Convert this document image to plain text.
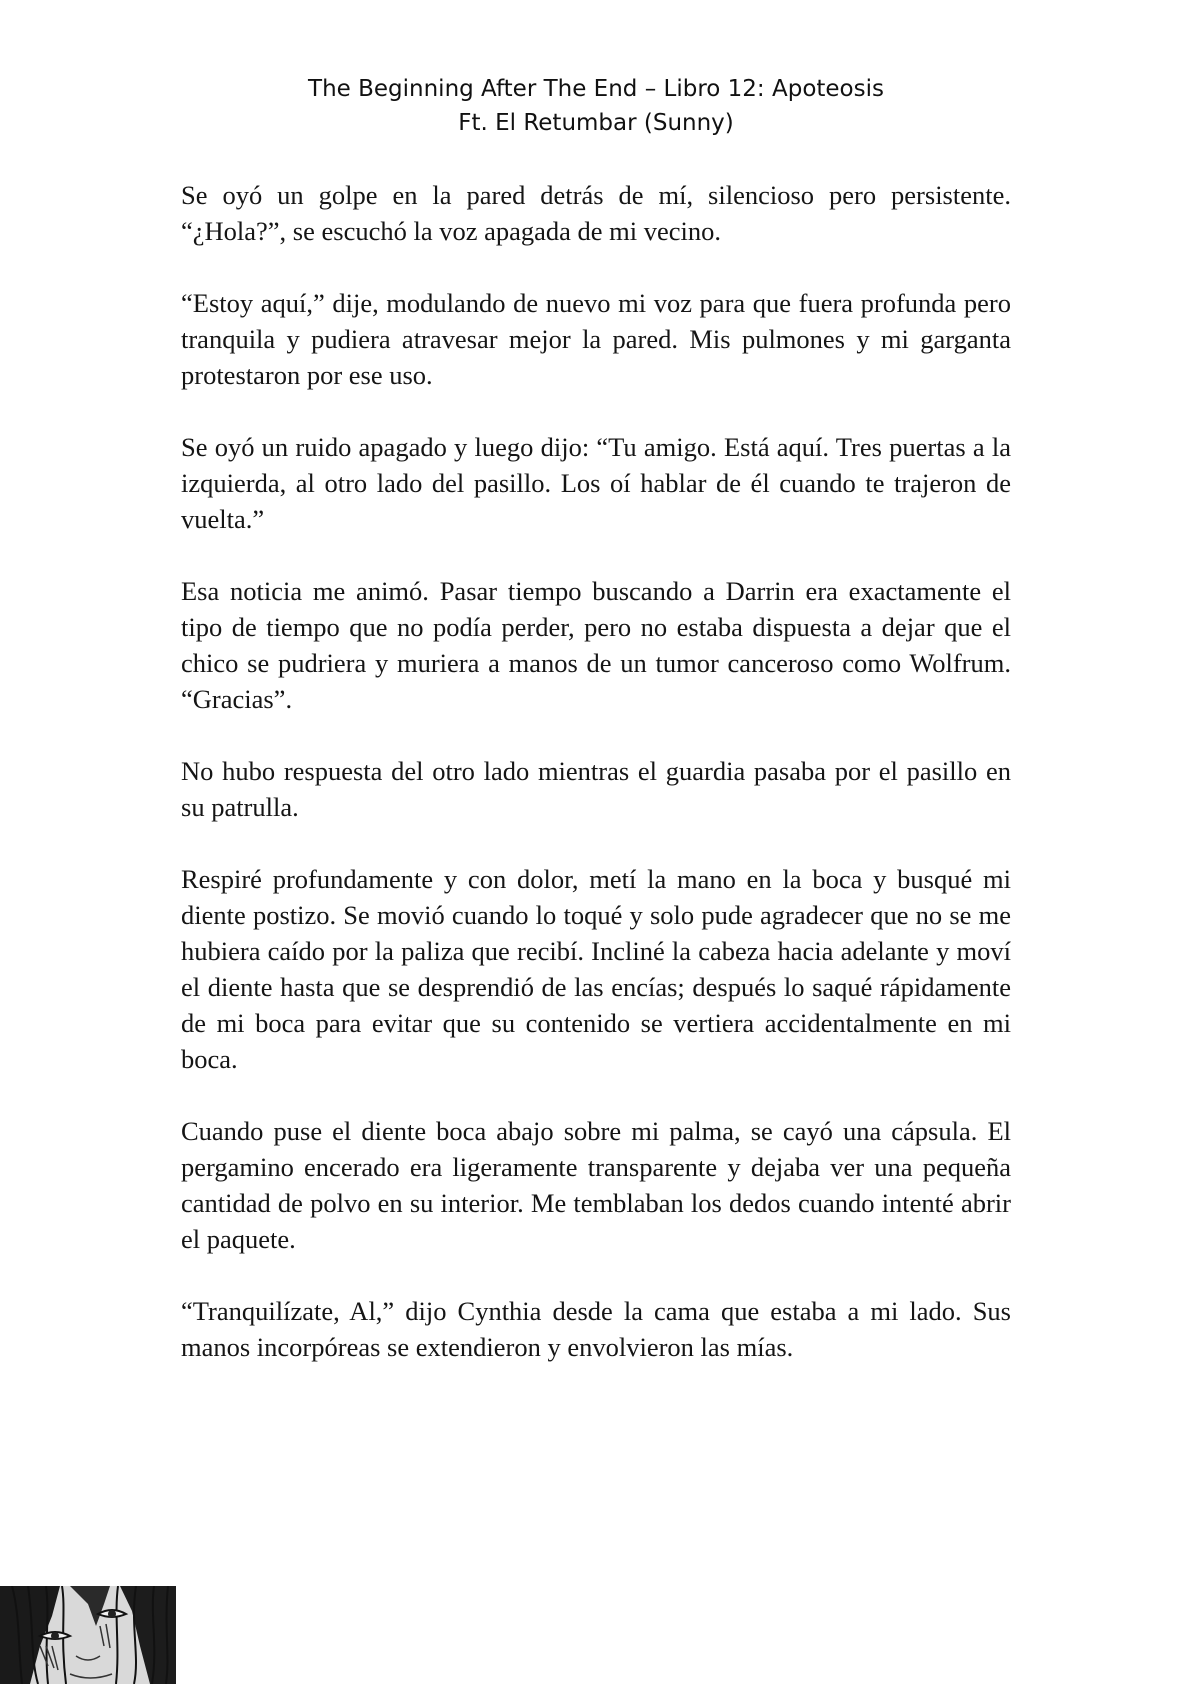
The Beginning After The End – Libro 12: Apoteosis
Ft. El Retumbar (Sunny)

Se oyó un golpe en la pared detrás de mí, silencioso pero persistente. “¿Hola?”, se escuchó la voz apagada de mi vecino.

“Estoy aquí,” dije, modulando de nuevo mi voz para que fuera profunda pero tranquila y pudiera atravesar mejor la pared. Mis pulmones y mi garganta protestaron por ese uso.

Se oyó un ruido apagado y luego dijo: “Tu amigo. Está aquí. Tres puertas a la izquierda, al otro lado del pasillo. Los oí hablar de él cuando te trajeron de vuelta.”

Esa noticia me animó. Pasar tiempo buscando a Darrin era exactamente el tipo de tiempo que no podía perder, pero no estaba dispuesta a dejar que el chico se pudriera y muriera a manos de un tumor canceroso como Wolfrum. “Gracias”.

No hubo respuesta del otro lado mientras el guardia pasaba por el pasillo en su patrulla.

Respiré profundamente y con dolor, metí la mano en la boca y busqué mi diente postizo. Se movió cuando lo toqué y solo pude agradecer que no se me hubiera caído por la paliza que recibí. Incliné la cabeza hacia adelante y moví el diente hasta que se desprendió de las encías; después lo saqué rápidamente de mi boca para evitar que su contenido se vertiera accidentalmente en mi boca.

Cuando puse el diente boca abajo sobre mi palma, se cayó una cápsula. El pergamino encerado era ligeramente transparente y dejaba ver una pequeña cantidad de polvo en su interior. Me temblaban los dedos cuando intenté abrir el paquete.

“Tranquilízate, Al,” dijo Cynthia desde la cama que estaba a mi lado. Sus manos incorpóreas se extendieron y envolvieron las mías.
